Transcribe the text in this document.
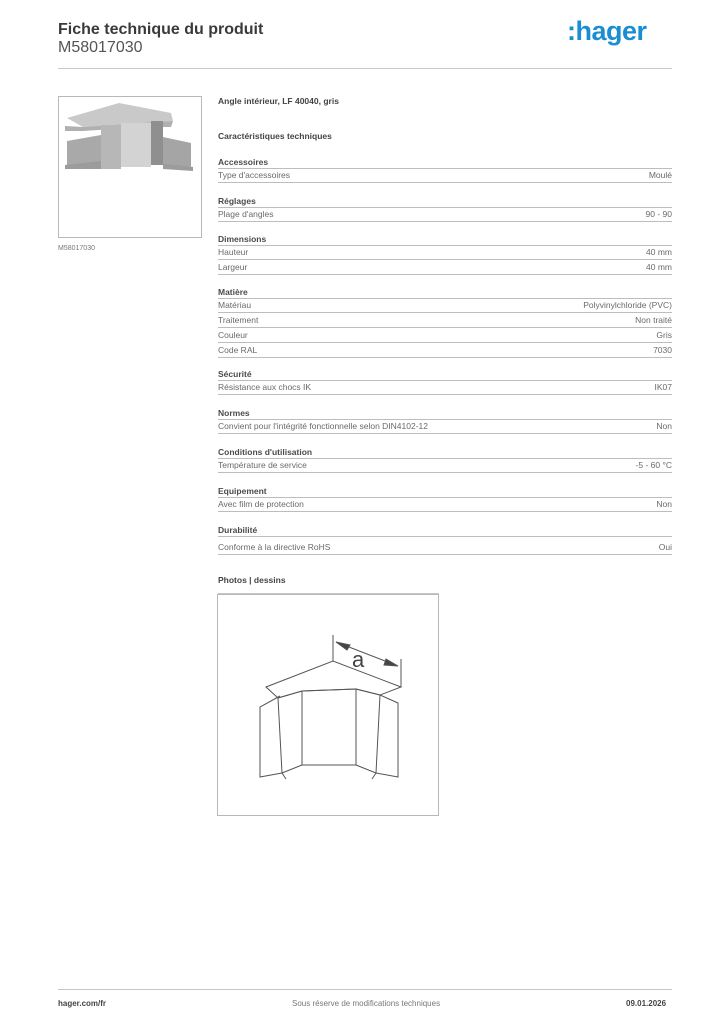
Fiche technique du produit
M58017030
:hager
M58017030
Angle intérieur, LF 40040, gris
Caractéristiques techniques
Accessoires
Type d'accessoires	Moulé
Réglages
Plage d'angles	90 - 90
Dimensions
Hauteur	40 mm
Largeur	40 mm
Matière
Matériau	Polyvinylchloride (PVC)
Traitement	Non traité
Couleur	Gris
Code RAL	7030
Sécurité
Résistance aux chocs IK	IK07
Normes
Convient pour l'intégrité fonctionnelle selon DIN4102-12	Non
Conditions d'utilisation
Température de service	-5 - 60 °C
Equipement
Avec film de protection	Non
Durabilité
Conforme à la directive RoHS	Oui
Photos | dessins
a
hager.com/fr	Sous réserve de modifications techniques	09.01.2026
